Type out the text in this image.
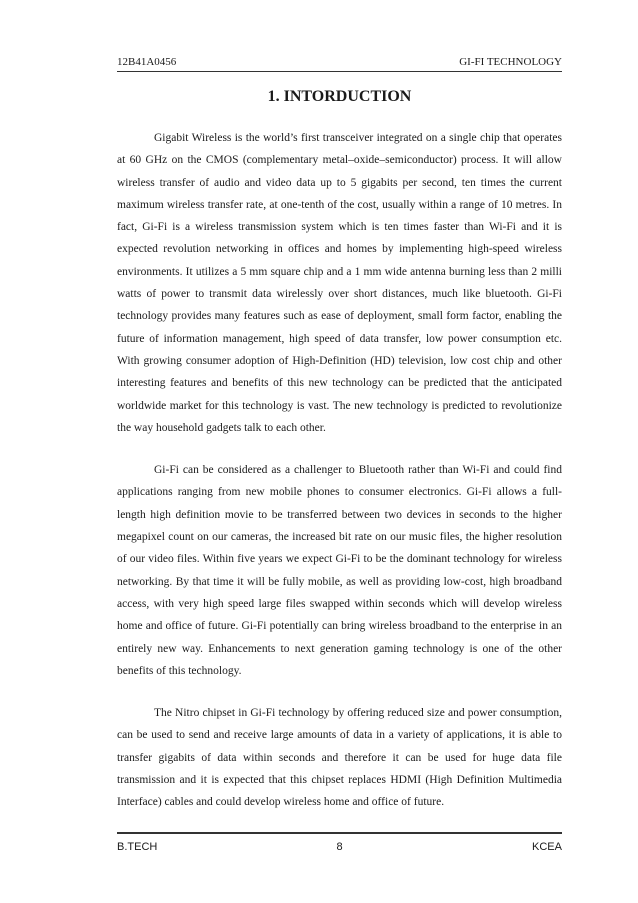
12B41A0456	GI-FI TECHNOLOGY
1. INTORDUCTION

Gigabit Wireless is the world’s first transceiver integrated on a single chip that operates at 60 GHz on the CMOS (complementary metal–oxide–semiconductor) process. It will allow wireless transfer of audio and video data up to 5 gigabits per second, ten times the current maximum wireless transfer rate, at one-tenth of the cost, usually within a range of 10 metres. In fact, Gi-Fi is a wireless transmission system which is ten times faster than Wi-Fi and it is expected revolution networking in offices and homes by implementing high-speed wireless environments. It utilizes a 5 mm square chip and a 1 mm wide antenna burning less than 2 milli watts of power to transmit data wirelessly over short distances, much like bluetooth. Gi-Fi technology provides many features such as ease of deployment, small form factor, enabling the future of information management, high speed of data transfer, low power consumption etc. With growing consumer adoption of High-Definition (HD) television, low cost chip and other interesting features and benefits of this new technology can be predicted that the anticipated worldwide market for this technology is vast. The new technology is predicted to revolutionize the way household gadgets talk to each other.

Gi-Fi can be considered as a challenger to Bluetooth rather than Wi-Fi and could find applications ranging from new mobile phones to consumer electronics. Gi-Fi allows a full-length high definition movie to be transferred between two devices in seconds to the higher megapixel count on our cameras, the increased bit rate on our music files, the higher resolution of our video files. Within five years we expect Gi-Fi to be the dominant technology for wireless networking. By that time it will be fully mobile, as well as providing low-cost, high broadband access, with very high speed large files swapped within seconds which will develop wireless home and office of future. Gi-Fi potentially can bring wireless broadband to the enterprise in an entirely new way. Enhancements to next generation gaming technology is one of the other benefits of this technology.

The Nitro chipset in Gi-Fi technology by offering reduced size and power consumption, can be used to send and receive large amounts of data in a variety of applications, it is able to transfer gigabits of data within seconds and therefore it can be used for huge data file transmission and it is expected that this chipset replaces HDMI (High Definition Multimedia Interface) cables and could develop wireless home and office of future.

B.TECH	8	KCEA
